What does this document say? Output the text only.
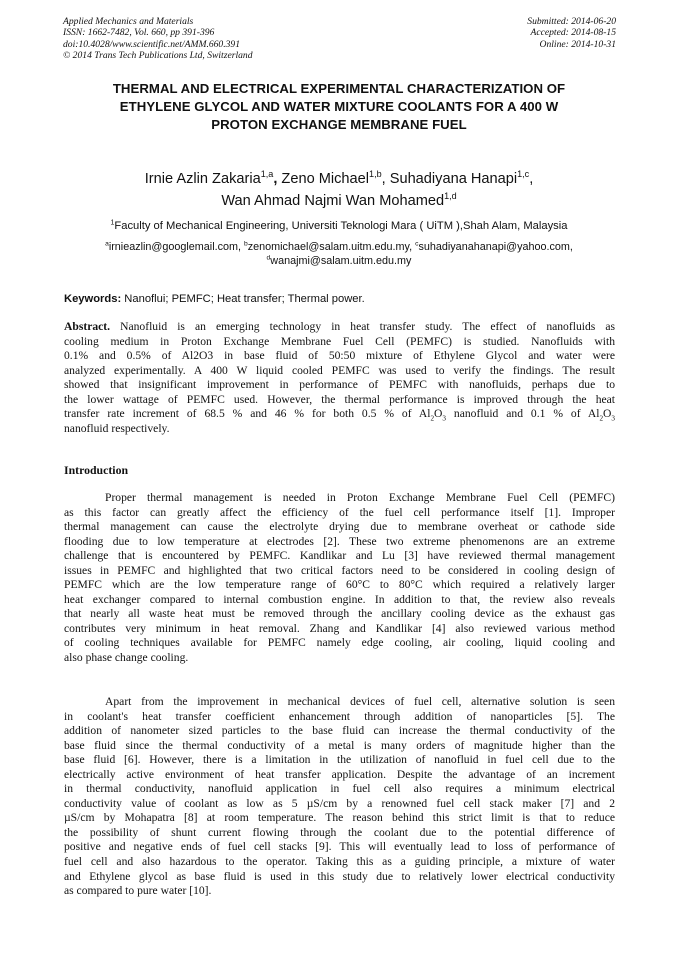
Applied Mechanics and Materials
ISSN: 1662-7482, Vol. 660, pp 391-396
doi:10.4028/www.scientific.net/AMM.660.391
© 2014 Trans Tech Publications Ltd, Switzerland
Submitted: 2014-06-20
Accepted: 2014-08-15
Online: 2014-10-31
THERMAL AND ELECTRICAL EXPERIMENTAL CHARACTERIZATION OF
ETHYLENE GLYCOL AND WATER MIXTURE COOLANTS FOR A 400 W
PROTON EXCHANGE MEMBRANE FUEL
Irnie Azlin Zakaria$^{1,a}$, Zeno Michael$^{1,b}$, Suhadiyana Hanapi$^{1,c}$,
Wan Ahmad Najmi Wan Mohamed$^{1,d}$
$^1$Faculty of Mechanical Engineering, Universiti Teknologi Mara ( UiTM ),Shah Alam, Malaysia
$^a$irnieazlin@googlemail.com, $^b$zenomichael@salam.uitm.edu.my, $^c$suhadiyanahanapi@yahoo.com,
$^d$wanajmi@salam.uitm.edu.my
Keywords: Nanoflui; PEMFC; Heat transfer; Thermal power.
Abstract. Nanofluid is an emerging technology in heat transfer study. The effect of nanofluids as
cooling medium in Proton Exchange Membrane Fuel Cell (PEMFC) is studied. Nanofluids with
0.1% and 0.5% of Al2O3 in base fluid of 50:50 mixture of Ethylene Glycol and water were
analyzed experimentally. A 400 W liquid cooled PEMFC was used to verify the findings. The result
showed that insignificant improvement in performance of PEMFC with nanofluids, perhaps due to
the lower wattage of PEMFC used. However, the thermal performance is improved through the heat
transfer rate increment of 68.5 % and 46 % for both 0.5 % of $Al_2O_3$ nanofluid and 0.1 % of $Al_2O_3$
nanofluid respectively.
Introduction
Proper thermal management is needed in Proton Exchange Membrane Fuel Cell (PEMFC)
as this factor can greatly affect the efficiency of the fuel cell performance itself [1]. Improper
thermal management can cause the electrolyte drying due to membrane overheat or cathode side
flooding due to low temperature at electrodes [2]. These two extreme phenomenons are an extreme
challenge that is encountered by PEMFC. Kandlikar and Lu [3] have reviewed thermal management
issues in PEMFC and highlighted that two critical factors need to be considered in cooling design of
PEMFC which are the low temperature range of 60°C to 80°C which required a relatively larger
heat exchanger compared to internal combustion engine. In addition to that, the review also reveals
that nearly all waste heat must be removed through the ancillary cooling device as the exhaust gas
contributes very minimum in heat removal. Zhang and Kandlikar [4] also reviewed various method
of cooling techniques available for PEMFC namely edge cooling, air cooling, liquid cooling and
also phase change cooling.
Apart from the improvement in mechanical devices of fuel cell, alternative solution is seen
in coolant's heat transfer coefficient enhancement through addition of nanoparticles [5]. The
addition of nanometer sized particles to the base fluid can increase the thermal conductivity of the
base fluid since the thermal conductivity of a metal is many orders of magnitude higher than the
base fluid [6]. However, there is a limitation in the utilization of nanofluid in fuel cell due to the
electrically active environment of heat transfer application. Despite the advantage of an increment
in thermal conductivity, nanofluid application in fuel cell also requires a minimum electrical
conductivity value of coolant as low as 5 µS/cm by a renowned fuel cell stack maker [7] and 2
µS/cm by Mohapatra [8] at room temperature. The reason behind this strict limit is that to reduce
the possibility of shunt current flowing through the coolant due to the potential difference of
positive and negative ends of fuel cell stacks [9]. This will eventually lead to loss of performance of
fuel cell and also hazardous to the operator. Taking this as a guiding principle, a mixture of water
and Ethylene glycol as base fluid is used in this study due to relatively lower electrical conductivity
as compared to pure water [10].
